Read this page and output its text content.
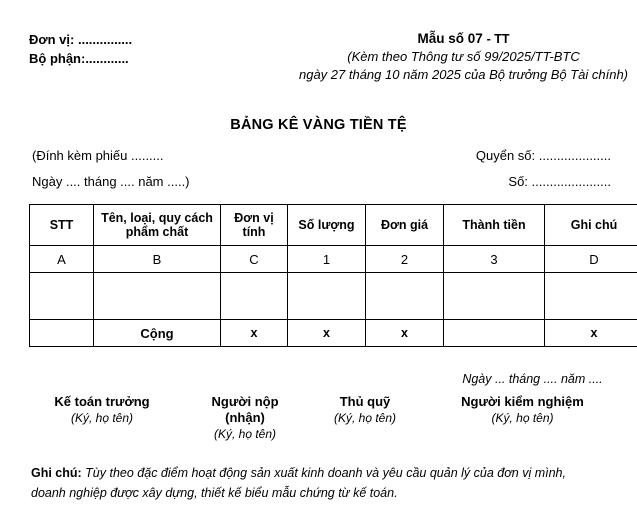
Đơn vị: ...............
Bộ phận:............
Mẫu số 07 - TT
(Kèm theo Thông tư số 99/2025/TT-BTC
ngày 27 tháng 10 năm 2025 của Bộ trưởng Bộ Tài chính)
BẢNG KÊ VÀNG TIỀN TỆ
(Đính kèm phiếu .........
Ngày .... tháng .... năm .....)
Quyển số: ....................
Số: ......................
STT	Tên, loại, quy cách phẩm chất	Đơn vị tính	Số lượng	Đơn giá	Thành tiền	Ghi chú
A	B	C	1	2	3	D

	Cộng	x	x	x		x
Ngày ... tháng .... năm ....
Kế toán trưởng
(Ký, họ tên)
Người nộp
(nhận)
(Ký, họ tên)
Thủ quỹ
(Ký, họ tên)
Người kiểm nghiệm
(Ký, họ tên)
Ghi chú: Tùy theo đặc điểm hoạt động sản xuất kinh doanh và yêu cầu quản lý của đơn vị mình,
doanh nghiệp được xây dựng, thiết kế biểu mẫu chứng từ kế toán.
